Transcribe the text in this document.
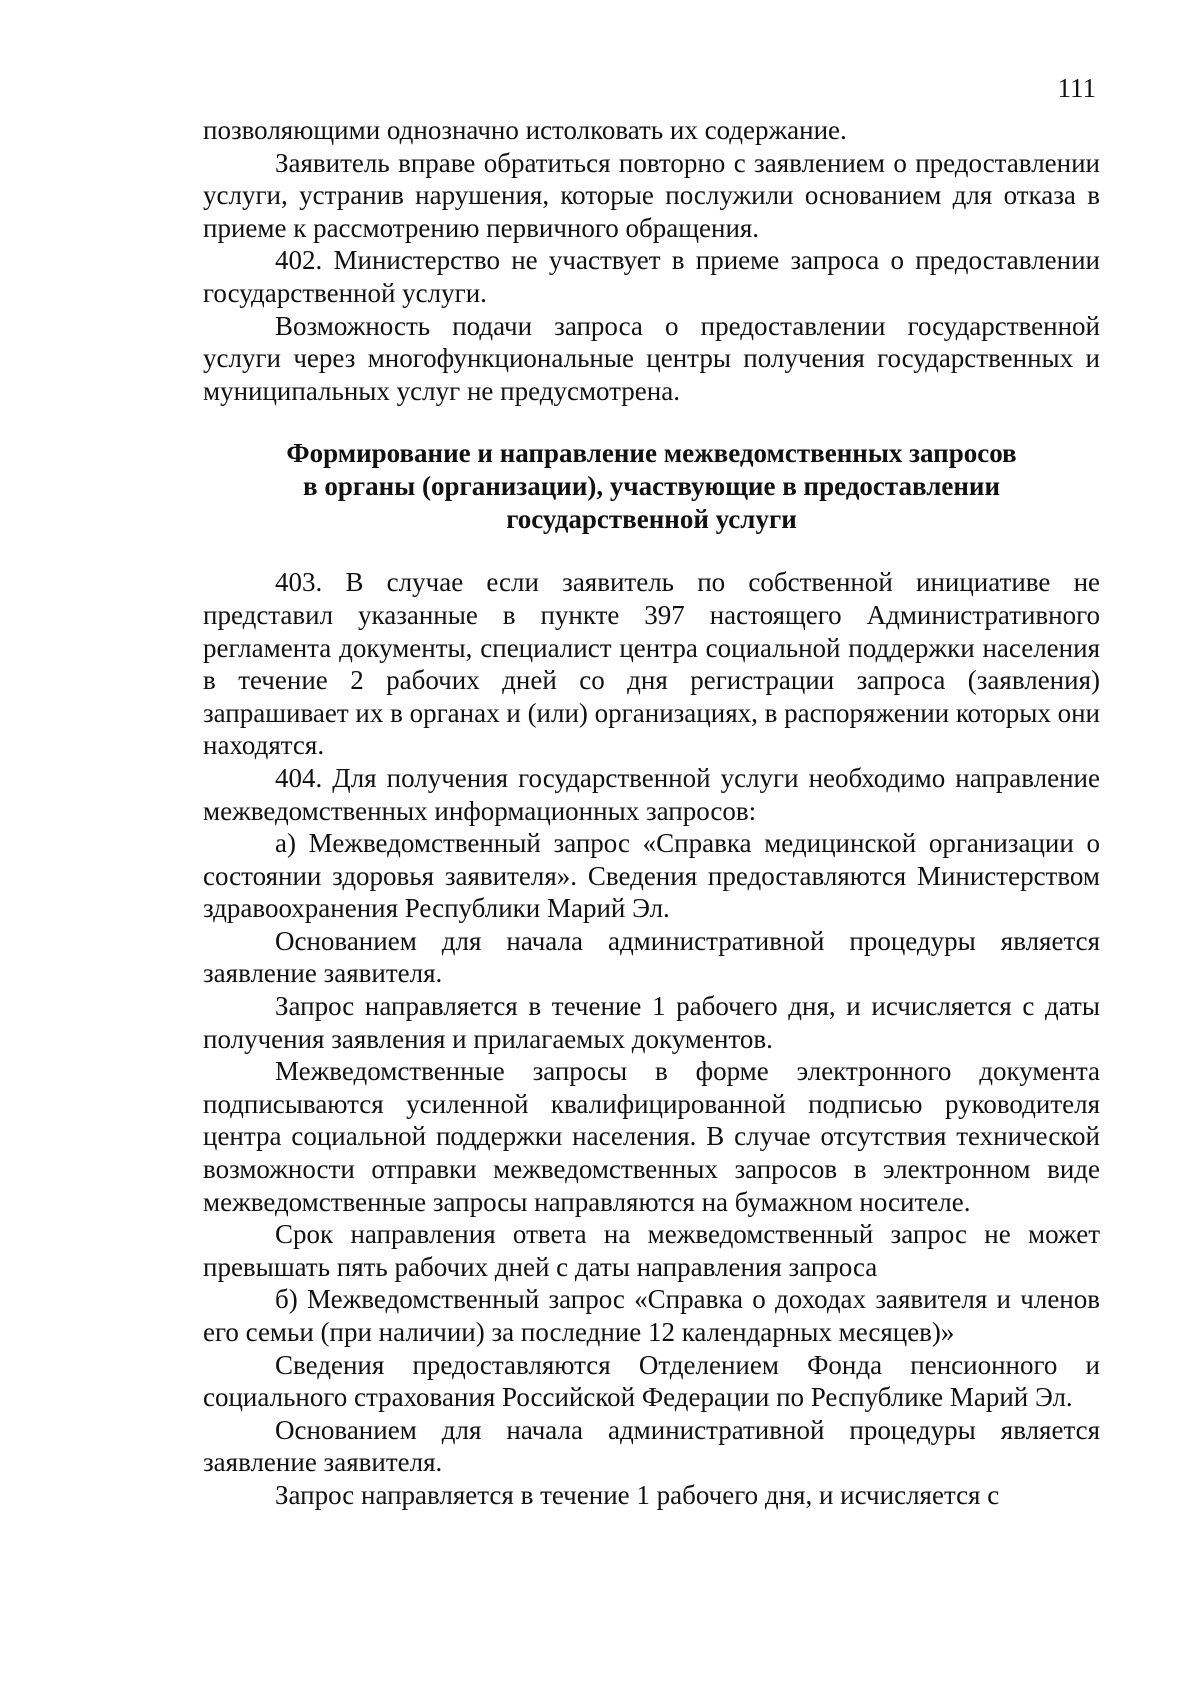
111

позволяющими однозначно истолковать их содержание.

Заявитель вправе обратиться повторно с заявлением о предоставлении услуги, устранив нарушения, которые послужили основанием для отказа в приеме к рассмотрению первичного обращения.

402. Министерство не участвует в приеме запроса о предоставлении государственной услуги.

Возможность подачи запроса о предоставлении государственной услуги через многофункциональные центры получения государственных и муниципальных услуг не предусмотрена.

Формирование и направление межведомственных запросов
в органы (организации), участвующие в предоставлении
государственной услуги

403. В случае если заявитель по собственной инициативе не представил указанные в пункте 397 настоящего Административного регламента документы, специалист центра социальной поддержки населения в течение 2 рабочих дней со дня регистрации запроса (заявления) запрашивает их в органах и (или) организациях, в распоряжении которых они находятся.

404. Для получения государственной услуги необходимо направление межведомственных информационных запросов:

а) Межведомственный запрос «Справка медицинской организации о состоянии здоровья заявителя». Сведения предоставляются Министерством здравоохранения Республики Марий Эл.

Основанием для начала административной процедуры является заявление заявителя.

Запрос направляется в течение 1 рабочего дня, и исчисляется с даты получения заявления и прилагаемых документов.

Межведомственные запросы в форме электронного документа подписываются усиленной квалифицированной подписью руководителя центра социальной поддержки населения. В случае отсутствия технической возможности отправки межведомственных запросов в электронном виде межведомственные запросы направляются на бумажном носителе.

Срок направления ответа на межведомственный запрос не может превышать пять рабочих дней с даты направления запроса

б) Межведомственный запрос «Справка о доходах заявителя и членов его семьи (при наличии) за последние 12 календарных месяцев)»

Сведения предоставляются Отделением Фонда пенсионного и социального страхования Российской Федерации по Республике Марий Эл.

Основанием для начала административной процедуры является заявление заявителя.

Запрос направляется в течение 1 рабочего дня, и исчисляется с
